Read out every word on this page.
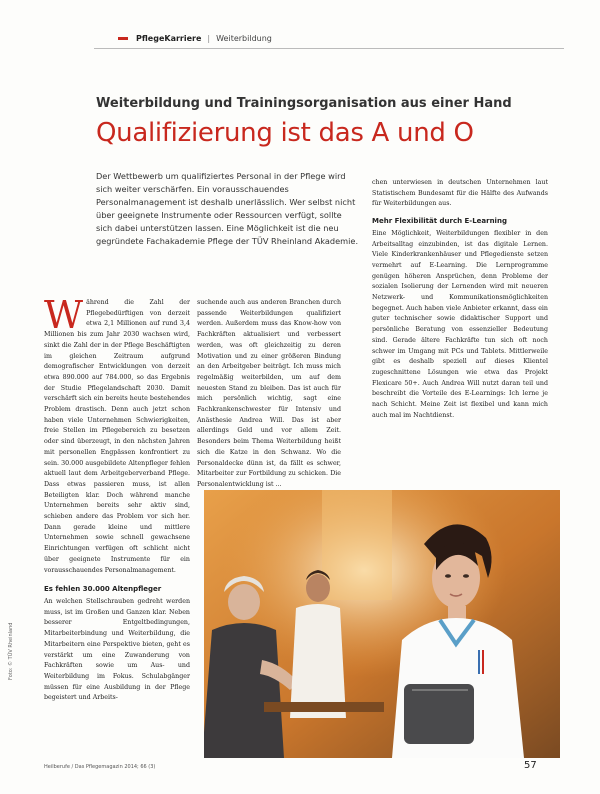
PflegeKarriere | Weiterbildung
Weiterbildung und Trainingsorganisation aus einer Hand
Qualifizierung ist das A und O
Der Wettbewerb um qualifiziertes Personal in der Pflege wird sich weiter verschärfen. Ein vorausschauendes Personalmanagement ist deshalb unerlässlich. Wer selbst nicht über geeignete Instrumente oder Ressourcen verfügt, sollte sich dabei unterstützen lassen. Eine Möglichkeit ist die neu gegründete Fachakademie Pflege der TÜV Rheinland Akademie.
W ährend die Zahl der Pflegebedürftigen von derzeit etwa 2,1 Millionen auf rund 3,4 Millionen bis zum Jahr 2030 wachsen wird, sinkt die Zahl der in der Pflege Beschäftigten im gleichen Zeitraum aufgrund demografischer Entwicklungen von derzeit etwa 890.000 auf 784.000, so das Ergebnis der Studie Pflegelandschaft 2030. Damit verschärft sich ein bereits heute bestehendes Problem drastisch. Denn auch jetzt schon haben viele Unternehmen Schwierigkeiten, freie Stellen im Pflegebereich zu besetzen oder sind überzeugt, in den nächsten Jahren mit personellen Engpässen konfrontiert zu sein. 30.000 ausgebildete Altenpfleger fehlen aktuell laut dem Arbeitgeberverband Pflege. Dass etwas passieren muss, ist allen Beteiligten klar. Doch während manche Unternehmen bereits sehr aktiv sind, schieben andere das Problem vor sich her. Dann gerade kleine und mittlere Unternehmen sowie schnell gewachsene Einrichtungen verfügen oft schlicht nicht über geeignete Instrumente für ein vorausschauendes Personalmanagement.
Es fehlen 30.000 Altenpfleger
An welchen Stellschrauben gedreht werden muss, ist im Großen und Ganzen klar. Neben besserer Entgeltbedingungen, Mitarbeiterbindung und Weiterbildung, die Mitarbeitern eine Perspektive bieten, geht es verstärkt um eine Zuwanderung von Fachkräften sowie um Aus- und Weiterbildung im Fokus. Schulabgänger müssen für eine Ausbildung in der Pflege begeistert und Arbeits-
suchende auch aus anderen Branchen durch passende Weiterbildungen qualifiziert werden. Außerdem muss das Know-how von Fachkräften aktualisiert und verbessert werden, was oft gleichzeitig zu deren Motivation und zu einer größeren Bindung an den Arbeitgeber beiträgt. Ich muss mich regelmäßig weiterbilden, um auf dem neuesten Stand zu bleiben. Das ist auch für mich persönlich wichtig, sagt eine Fachkrankenschwester für Intensiv und Anästhesie Andrea Will. Das ist aber allerdings Geld und vor allem Zeit. Besonders beim Thema Weiterbildung heißt sich die Katze in den Schwanz. Wo die Personaldecke dünn ist, da fällt es schwer, Mitarbeiter zur Fortbildung zu schicken. Die Personalentwicklung ist ...
chen unterwiesen in deutschen Unternehmen laut Statistischem Bundesamt für die Hälfte des Aufwands für Weiterbildungen aus.
Mehr Flexibilität durch E-Learning
Eine Möglichkeit, Weiterbildungen flexibler in den Arbeitsalltag einzubinden, ist das digitale Lernen. Viele Kinderkrankenhäuser und Pflegedienste setzen vermehrt auf E-Learning. Die Lernprogramme genügen höheren Ansprüchen, denn Probleme der sozialen Isolierung der Lernenden wird mit neueren Netzwerk- und Kommunikationsmöglichkeiten begegnet. Auch haben viele Anbieter erkannt, dass ein guter technischer sowie didaktischer Support und persönliche Beratung von essenzieller Bedeutung sind. Gerade ältere Fachkräfte tun sich oft noch schwer im Umgang mit PCs und Tablets. Mittlerweile gibt es deshalb speziell auf dieses Klientel zugeschnittene Lösungen wie etwa das Projekt Flexicare 50+. Auch Andrea Will nutzt daran teil und beschreibt die Vorteile des E-Learnings: Ich lerne je nach Schicht. Meine Zeit ist flexibel und kann mich auch mal im Nachtdienst.
Foto: © TÜV Rheinland
Heilberufe / Das Pflegemagazin 2014; 66 (3)	57
